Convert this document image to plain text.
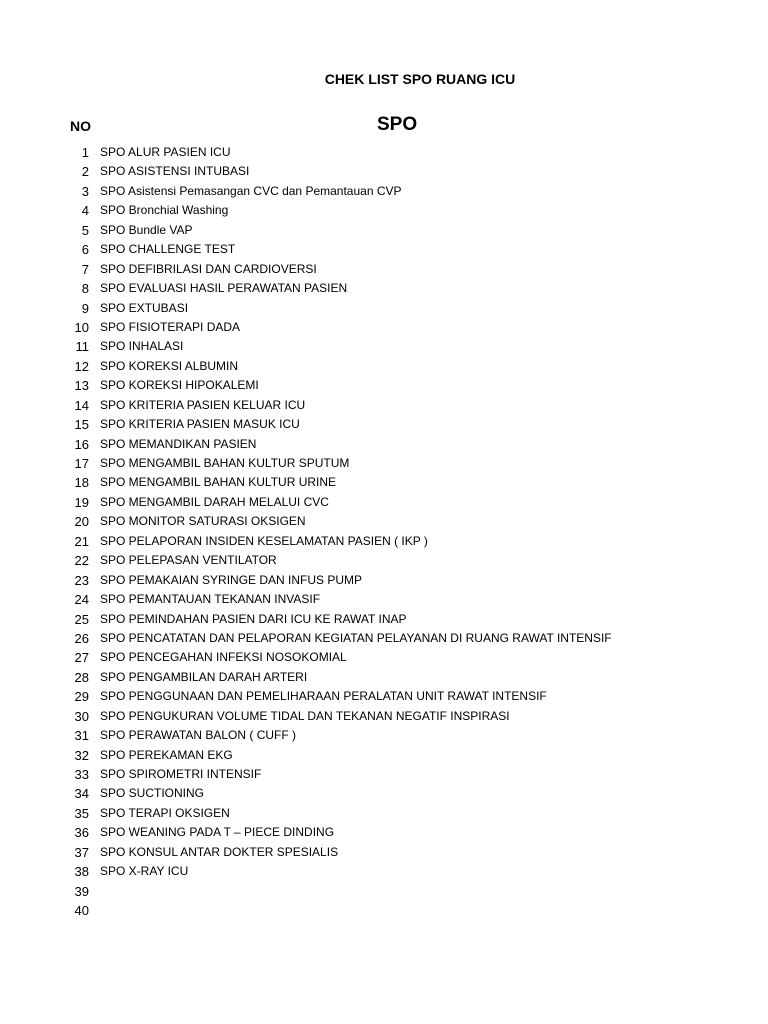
CHEK LIST SPO RUANG ICU
NO	SPO
1 SPO ALUR PASIEN ICU
2 SPO ASISTENSI INTUBASI
3 SPO Asistensi Pemasangan CVC dan Pemantauan CVP
4 SPO Bronchial Washing
5 SPO Bundle VAP
6 SPO CHALLENGE TEST
7 SPO DEFIBRILASI DAN CARDIOVERSI
8 SPO EVALUASI HASIL PERAWATAN PASIEN
9 SPO EXTUBASI
10 SPO FISIOTERAPI DADA
11 SPO INHALASI
12 SPO KOREKSI ALBUMIN
13 SPO KOREKSI HIPOKALEMI
14 SPO KRITERIA PASIEN KELUAR ICU
15 SPO KRITERIA PASIEN MASUK ICU
16 SPO MEMANDIKAN PASIEN
17 SPO MENGAMBIL BAHAN KULTUR SPUTUM
18 SPO MENGAMBIL BAHAN KULTUR URINE
19 SPO MENGAMBIL DARAH MELALUI CVC
20 SPO MONITOR SATURASI OKSIGEN
21 SPO PELAPORAN INSIDEN KESELAMATAN PASIEN ( IKP )
22 SPO PELEPASAN VENTILATOR
23 SPO PEMAKAIAN SYRINGE DAN INFUS PUMP
24 SPO PEMANTAUAN TEKANAN INVASIF
25 SPO PEMINDAHAN PASIEN DARI ICU KE RAWAT INAP
26 SPO PENCATATAN DAN PELAPORAN KEGIATAN PELAYANAN DI RUANG RAWAT INTENSIF
27 SPO PENCEGAHAN INFEKSI NOSOKOMIAL
28 SPO PENGAMBILAN DARAH ARTERI
29 SPO PENGGUNAAN DAN PEMELIHARAAN PERALATAN UNIT RAWAT INTENSIF
30 SPO PENGUKURAN VOLUME TIDAL DAN TEKANAN NEGATIF INSPIRASI
31 SPO PERAWATAN BALON ( CUFF )
32 SPO PEREKAMAN EKG
33 SPO SPIROMETRI INTENSIF
34 SPO SUCTIONING
35 SPO TERAPI OKSIGEN
36 SPO WEANING PADA T – PIECE DINDING
37 SPO KONSUL ANTAR DOKTER SPESIALIS
38 SPO X-RAY ICU
39
40
